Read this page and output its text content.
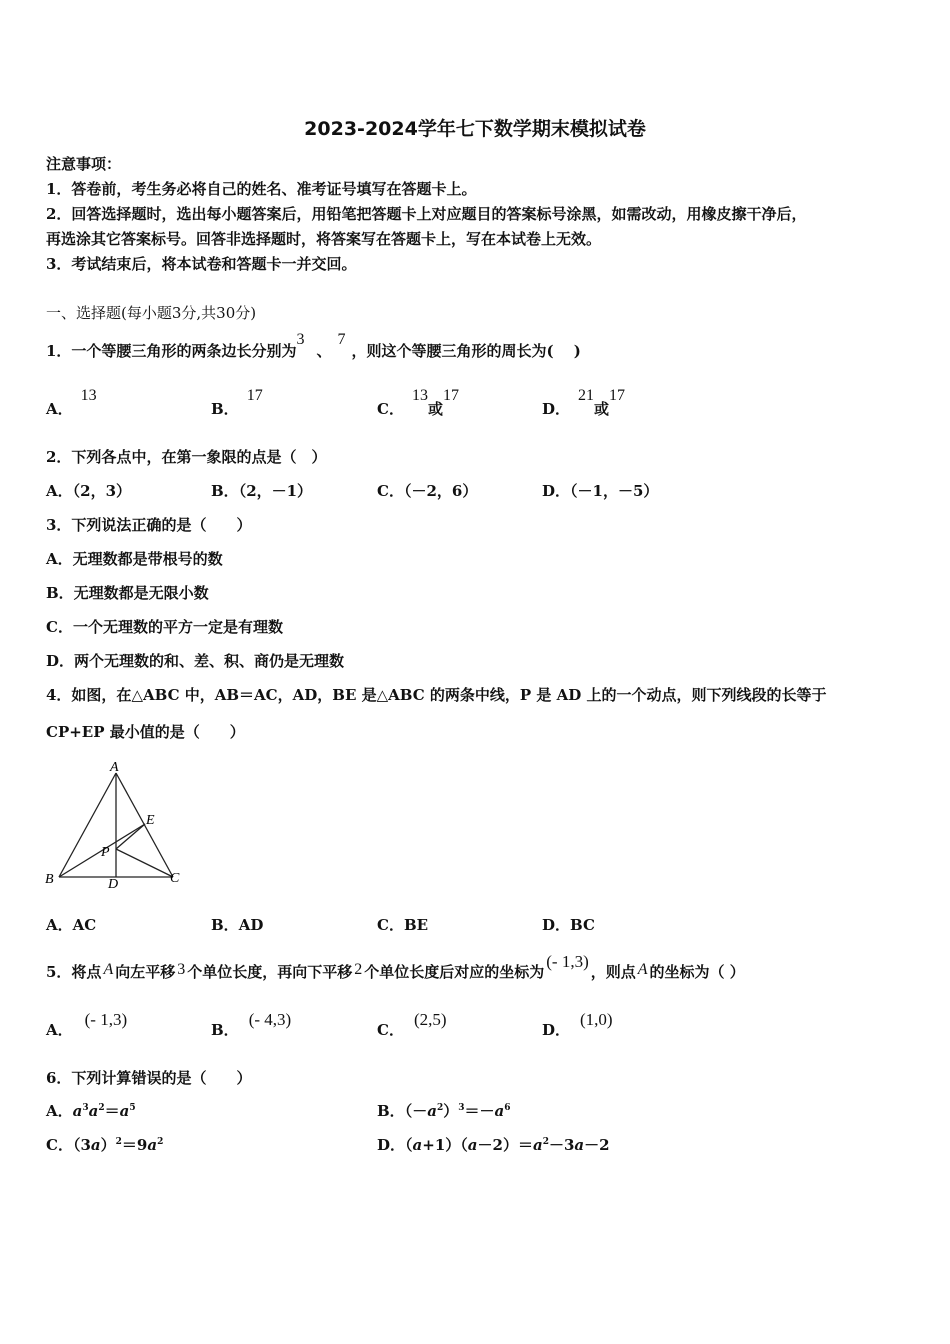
2023-2024学年七下数学期末模拟试卷
注意事项：
1．答卷前，考生务必将自己的姓名、准考证号填写在答题卡上。
2．回答选择题时，选出每小题答案后，用铅笔把答题卡上对应题目的答案标号涂黑，如需改动，用橡皮擦干净后，
再选涂其它答案标号。回答非选择题时，将答案写在答题卡上，写在本试卷上无效。
3．考试结束后，将本试卷和答题卡一并交回。
一、选择题(每小题3分,共30分)
1．一个等腰三角形的两条边长分别为3、7，则这个等腰三角形的周长为(　 )
A．13
B．17
C．13或17
D．21或17
2．下列各点中，在第一象限的点是（　）
A．（2，3）	B．（2，－1）	C．（－2，6）	D．（－1，－5）
3．下列说法正确的是（　　）
A．无理数都是带根号的数
B．无理数都是无限小数
C．一个无理数的平方一定是有理数
D．两个无理数的和、差、积、商仍是无理数
4．如图，在△ABC 中，AB＝AC，AD，BE 是△ABC 的两条中线，P 是 AD 上的一个动点，则下列线段的长等于
CP+EP 最小值的是（　　）
A
B	C
D
E
P
A．AC	B．AD	C．BE	D．BC
5．将点 A 向左平移 3 个单位长度，再向下平移 2 个单位长度后对应的坐标为(- 1,3)，则点 A 的坐标为（ ）
A．(- 1,3)
B．(- 4,3)
C．(2,5)
D．(1,0)
6．下列计算错误的是（　　）
A．$a^3a^2=a^5$	B．$(-a^2)^3=-a^6$
C．$(3a)^2=9a^2$	D．$(a+1)(a-2)=a^2-3a-2$
